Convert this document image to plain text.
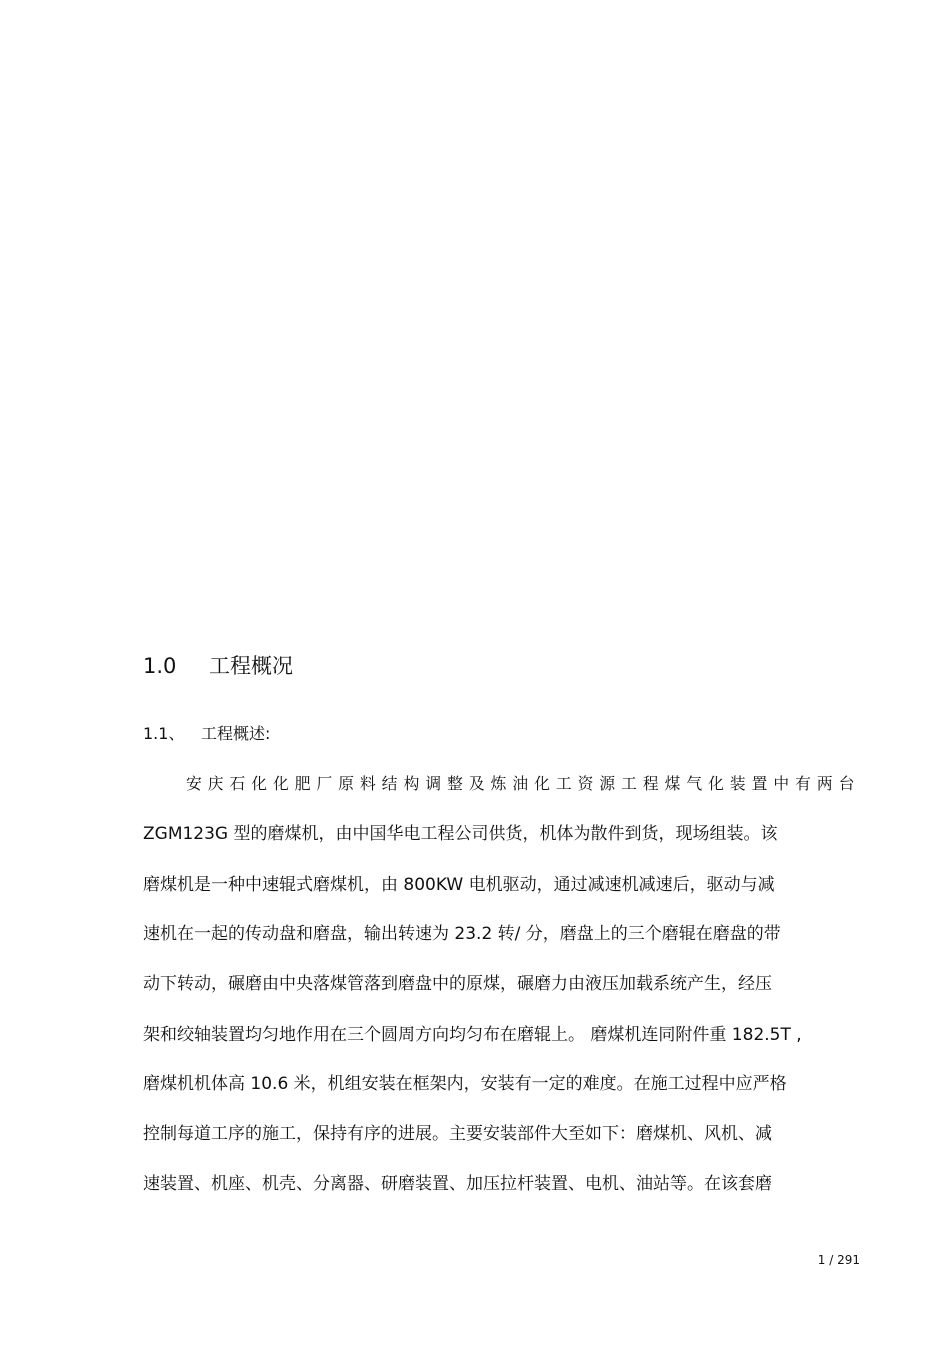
1.0 工程概况
1.1、 工程概述:
安 庆 石 化 化 肥 厂 原 料 结 构 调 整 及 炼 油 化 工 资 源 工 程 煤 气 化 装 置 中 有 两 台
ZGM123G 型的磨煤机，由中国华电工程公司供货，机体为散件到货，现场组装。该
磨煤机是一种中速辊式磨煤机，由 800KW 电机驱动，通过减速机减速后，驱动与减
速机在一起的传动盘和磨盘，输出转速为 23.2 转/ 分，磨盘上的三个磨辊在磨盘的带
动下转动，碾磨由中央落煤管落到磨盘中的原煤，碾磨力由液压加载系统产生，经压
架和绞轴装置均匀地作用在三个圆周方向均匀布在磨辊上。 磨煤机连同附件重 182.5T ,
磨煤机机体高 10.6 米，机组安装在框架内，安装有一定的难度。在施工过程中应严格
控制每道工序的施工，保持有序的进展。主要安装部件大至如下：磨煤机、风机、减
速装置、机座、机壳、分离器、研磨装置、加压拉杆装置、电机、油站等。在该套磨
1 / 291
